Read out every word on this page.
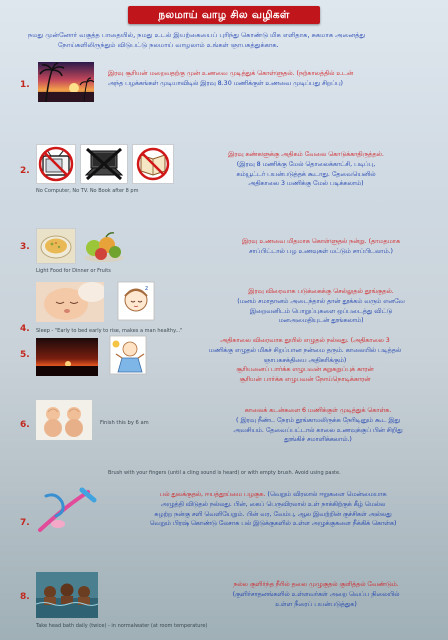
நலமாய் வாழ சில வழிகள்
நமது முன்னோர் வகுத்த பாதையில், நமது உடல் இயற்கையைப் புரிந்து கொண்டு மிக எளிதாக, சுகமாக அனைத்து
நோய்களிலிருந்தும் விடுபட்டு நலமாய் வாழலாம் உங்கள் ஞாபகத்துக்காக.
1.
இரவு சூரியன் மறைவதற்கு முன் உணவை முடித்துக் கொள்ளுதல். (நற்காலத்தில் உடன்
அந்த பழக்கங்கள் முடியாவிடில் இரவு 8.30 மணிக்குள் உணவை முடிப்பது சிறப்பு)
2.
No Computer, No TV. No Book after 8 pm
இரவு கண்களுக்கு அதிகம் வேலை கொடுக்காதிருத்தல்.
(இரவு 8 மணிக்கு மேல் தொலைக்காட்சி, படிப்பு,
கம்யூட்டர் பயன்படுத்தக் கூடாது. தேவையெனில்
அதிகாலை 3 மணிக்கு மேல் படிக்கலாம்)
3.
Light Food for Dinner or Fruits
இரவு உணவை மிதமாக கொள்ளுதல் நன்று. (தாமதமாக
சாப்பிட்டால் பழ உணவுகள் மட்டும் சாப்பிடலாம்.)
4.
z
Sleep - "Early to bed early to rise, makes a man healthy..."
இரவு விரைவாக படுக்கைக்கு செல்லுதல் தூங்குதல்.
(மனம் சமாதானம் அடைந்தால் தான் தூக்கம் வரும் எனவே
இறைவனிடம் பொறுப்புகளை ஒப்படைத்து விட்டு
மனஅமைதியுடன் தூங்கலாம்)
5.
அதிகாலை விரைவாக துயில் எழுதல் நல்லது. (அதிகாலை 3
மணிக்கு எழுதல் மிகச் சிறப்பான நன்மை தரும். காலையில் படித்தல்
ஞாபகசக்தியை அதிகரிக்கும்)
சூரியனைப் பார்க்க எழுபவன் சுறுசுறுப்புக் காரன்
சூரியன் பார்க்க எழுபவன் நோய்நொடிக்காரன்
6.	Finish this by 6 am
காலைக் கடன்களை 6 மணிக்குள் முடித்துக் கொள்க.
( இரவு நீண்ட நேரம் தூங்காமலிருக்க நேரிடினும் கூட இது
அவசியம். தேவைப்பட்டால் காலை உணவுக்குப் பின் சிறிது
தூங்கிச் சமாளிக்கலாம்.)
Brush with your fingers (until a cling sound is heard) or with empty brush. Avoid using paste.
7.
பல் துலக்குதல், ஈயத்தூய்மை பழகுக. (வெறும் விரலால் ஈறுகளை மென்மையாக
அழுத்தி விடுதல் நல்லது. பின், கைப் பெருவிரலால் உள் நாக்கிற்குக் கீழ் மெல்ல
சுழற்ற நன்கு சளி வெளியேறும். பின் வர, வேம்பு, ஆல இவற்றின் குச்சிகள் அல்லது
வெறும் பிரஷ் கொண்டு லேசாக பல் இடுக்குகளில் உள்ள அழுக்குகளை நீக்கிக் கொள்க)
8.
Take head bath daily (twice) - in normalwater (at room temperature)
நல்ல குளிர்ந்த நீரில் தலை முழுகுதல் குளித்தல் வேண்டும்.
(குளிர்சாதனங்களில் உள்ளவர்கள் அறை வெப்ப நிலையில்
உள்ள நீரைப் பயன்படுத்துக)
